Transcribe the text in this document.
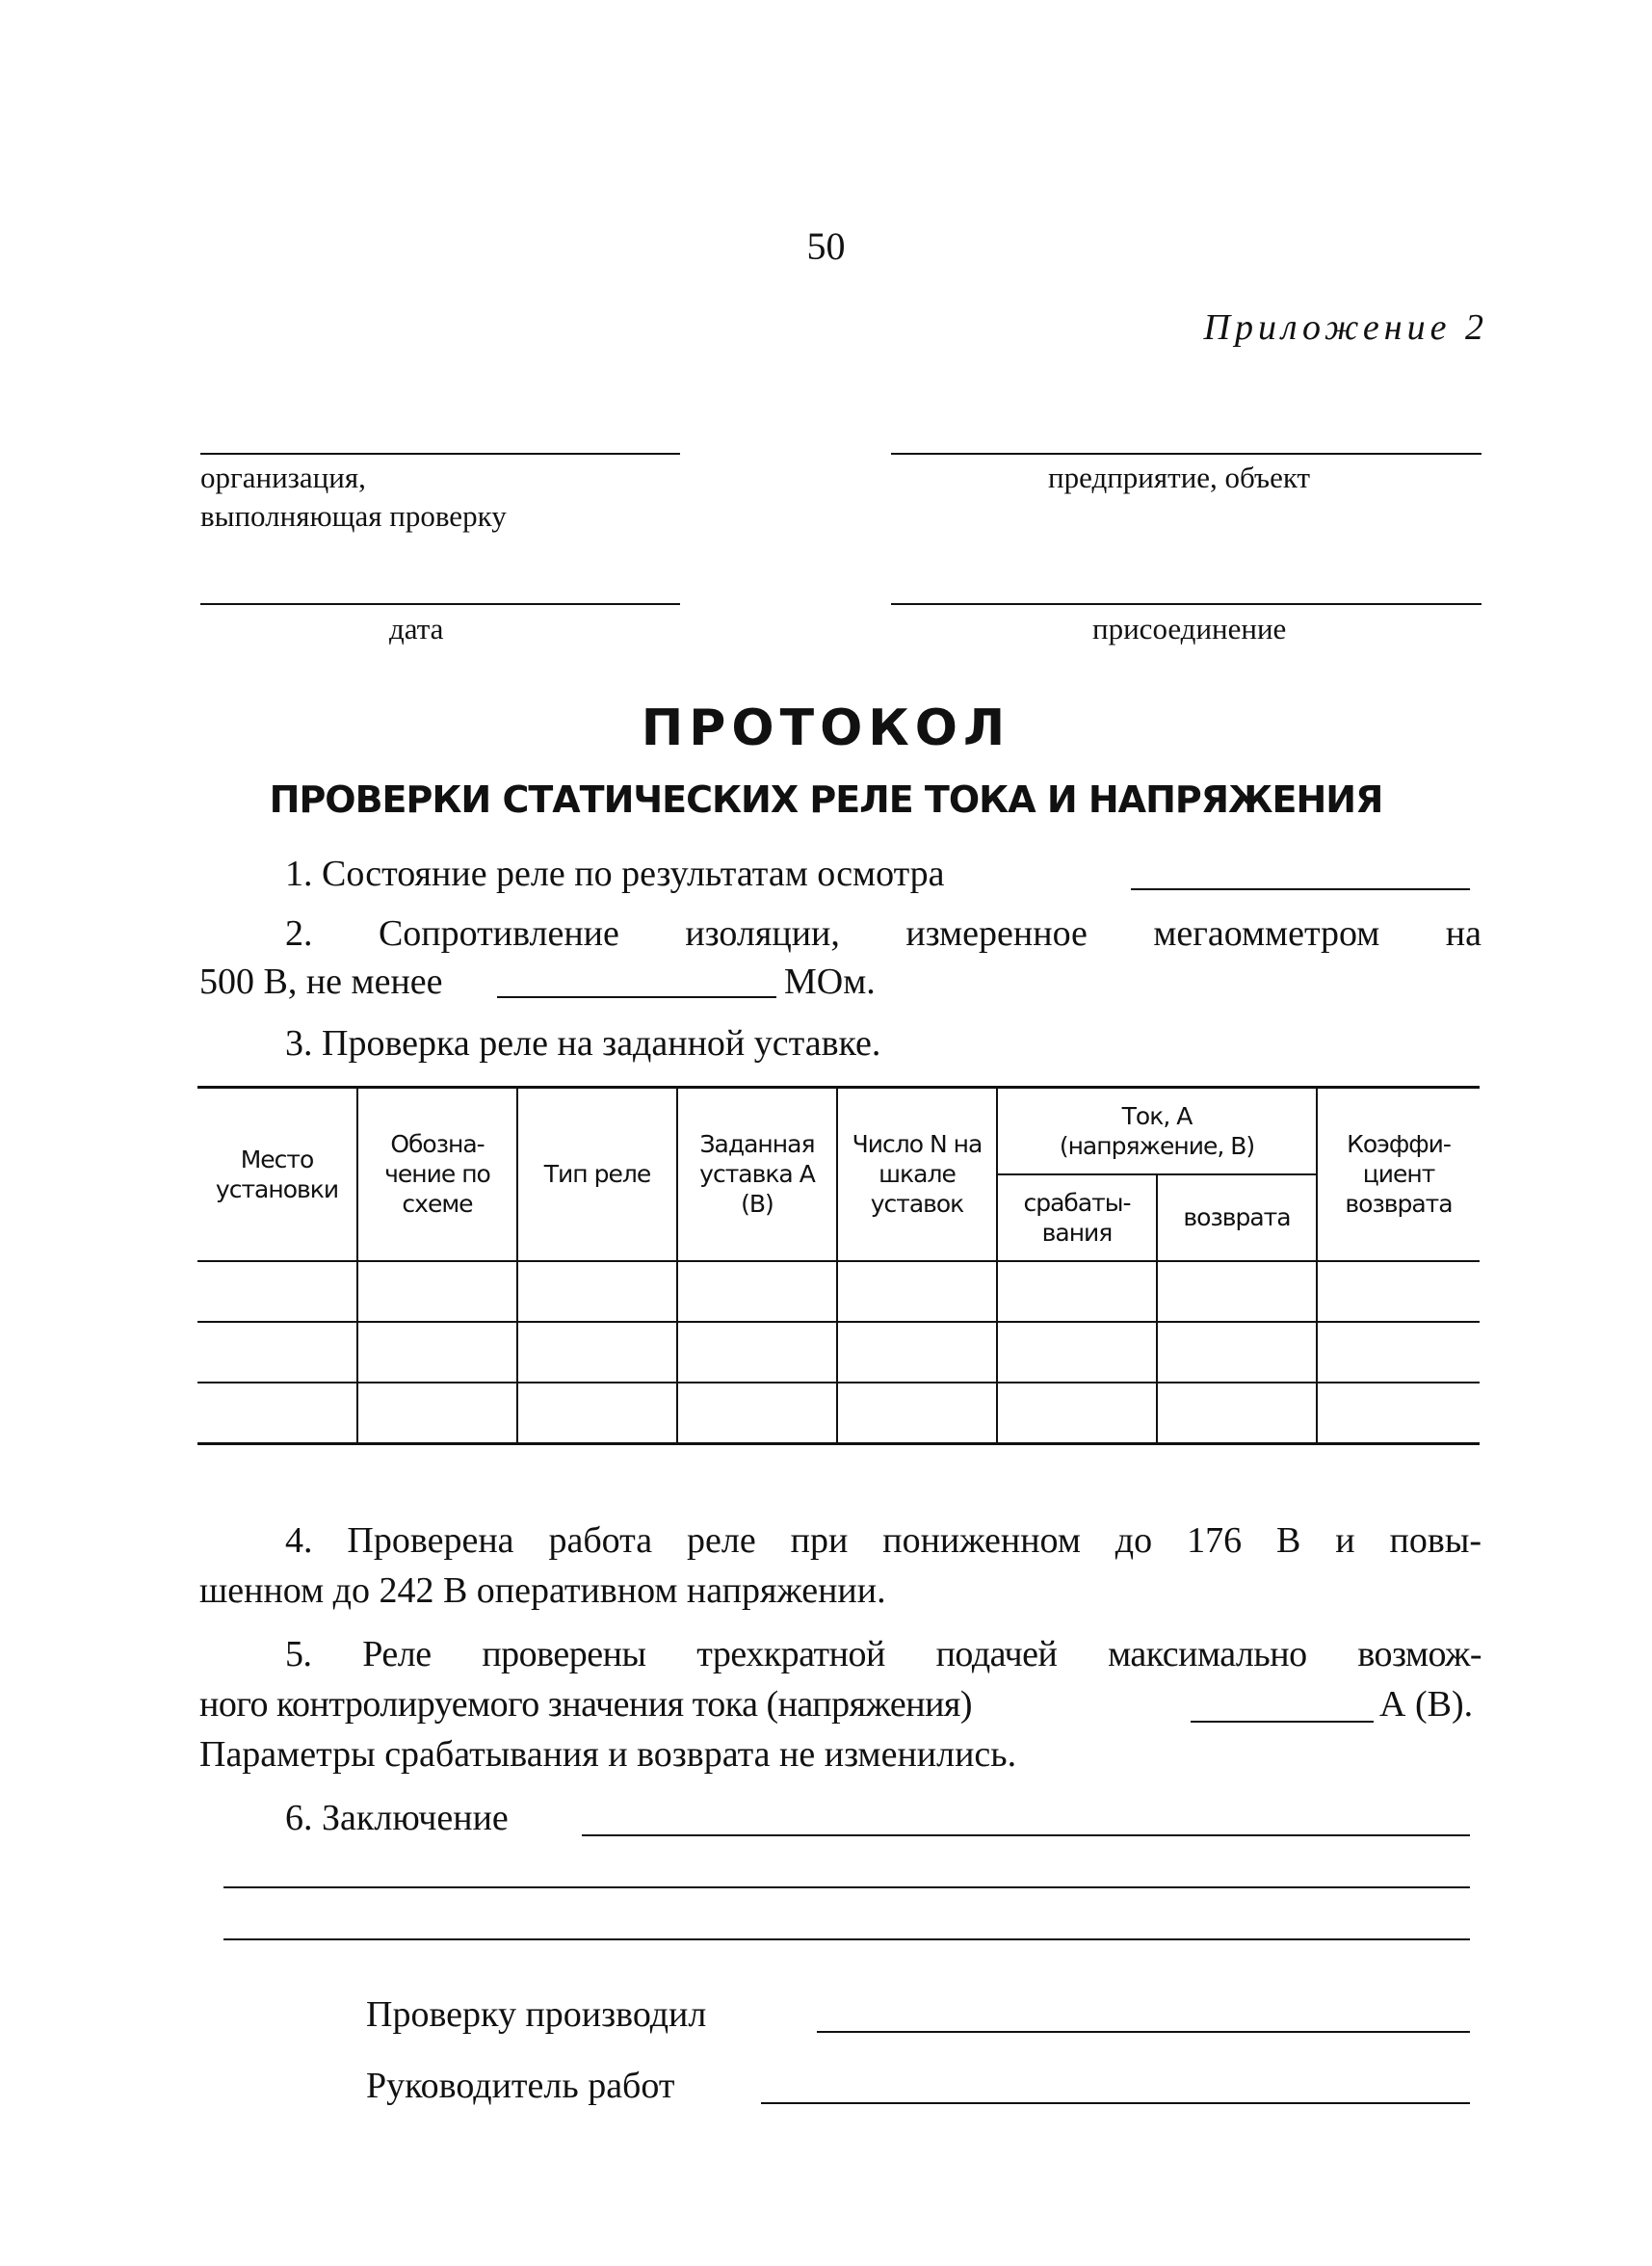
50
Приложение 2
организация,
выполняющая проверку
предприятие, объект
дата	присоединение
ПРОТОКОЛ
ПРОВЕРКИ СТАТИЧЕСКИХ РЕЛЕ ТОКА И НАПРЯЖЕНИЯ
1. Состояние реле по результатам осмотра
2. Сопротивление изоляции, измеренное мегаомметром на
500 В, не менее	МОм.
3. Проверка реле на заданной уставке.
Место установки	Обозна- чение по схеме	Тип реле	Заданная уставка А (В)	Число N на шкале уставок	Ток, А (напряжение, В)		Коэффи- циент возврата
					срабаты- вания	возврата	

4. Проверена работа реле при пониженном до 176 В и повы-
шенном до 242 В оперативном напряжении.
5. Реле проверены трехкратной подачей максимально возмож-
ного контролируемого значения тока (напряжения)	А (В).
Параметры срабатывания и возврата не изменились.
6. Заключение
Проверку производил
Руководитель работ
